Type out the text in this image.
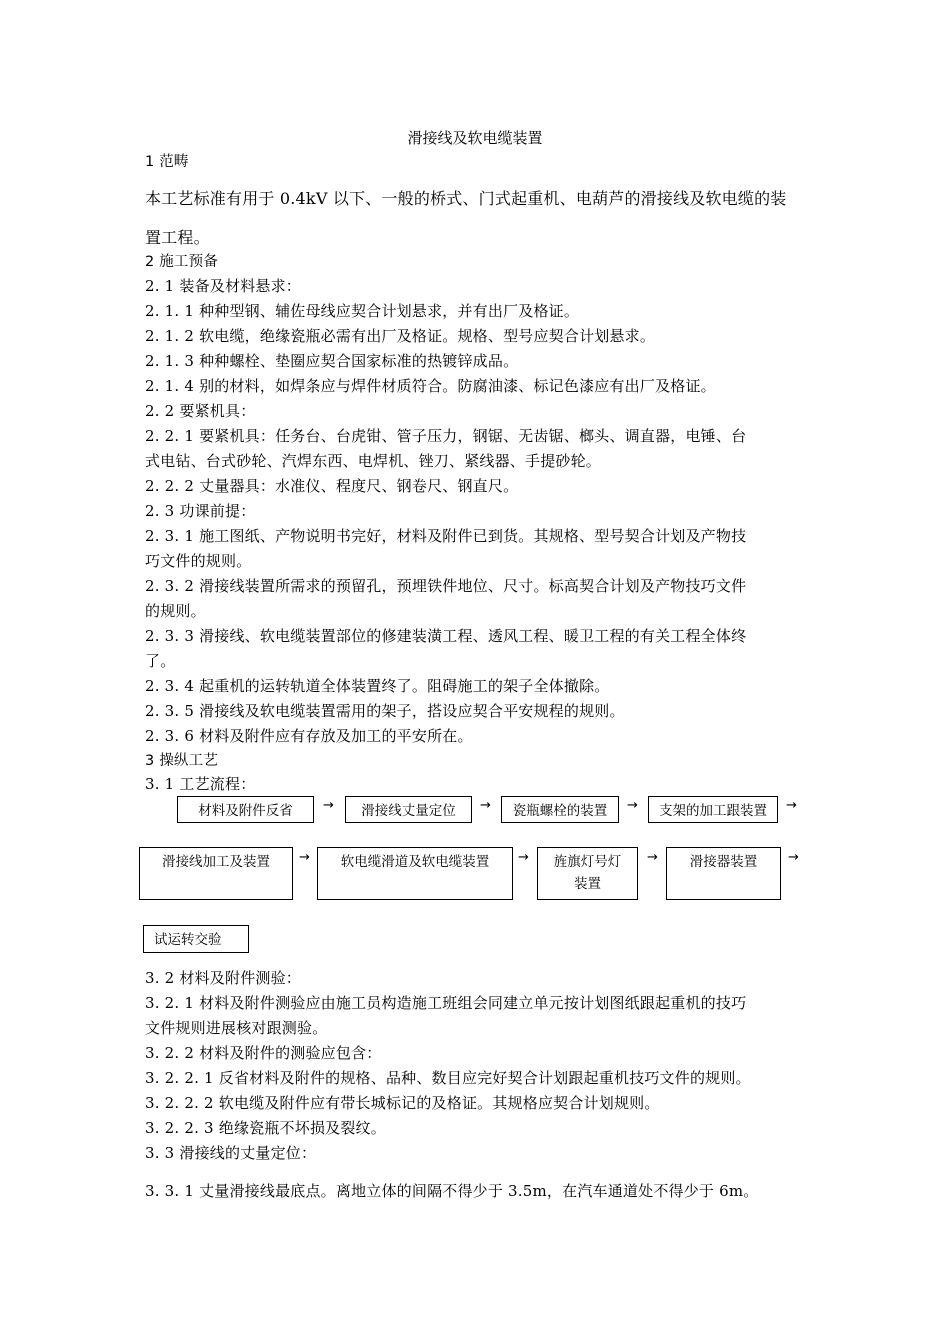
滑接线及软电缆装置
1 范畴
本工艺标准有用于 0.4kV 以下、一般的桥式、门式起重机、电葫芦的滑接线及软电缆的装
置工程。
2 施工预备
2. 1 装备及材料悬求：
2. 1. 1 种种型钢、辅佐母线应契合计划悬求，并有出厂及格证。
2. 1. 2 软电缆，绝缘瓷瓶必需有出厂及格证。规格、型号应契合计划悬求。
2. 1. 3 种种螺栓、垫圈应契合国家标准的热镀锌成品。
2. 1. 4 别的材料，如焊条应与焊件材质符合。防腐油漆、标记色漆应有出厂及格证。
2. 2 要紧机具：
2. 2. 1 要紧机具：任务台、台虎钳、管子压力，钢锯、无齿锯、榔头、调直器，电锤、台
式电钻、台式砂轮、汽焊东西、电焊机、锉刀、紧线器、手提砂轮。
2. 2. 2 丈量器具：水准仪、程度尺、钢卷尺、钢直尺。
2. 3 功课前提：
2. 3. 1 施工图纸、产物说明书完好，材料及附件已到货。其规格、型号契合计划及产物技
巧文件的规则。
2. 3. 2 滑接线装置所需求的预留孔，预埋铁件地位、尺寸。标高契合计划及产物技巧文件
的规则。
2. 3. 3 滑接线、软电缆装置部位的修建装潢工程、透风工程、暖卫工程的有关工程全体终
了。
2. 3. 4 起重机的运转轨道全体装置终了。阻碍施工的架子全体撤除。
2. 3. 5 滑接线及软电缆装置需用的架子，搭设应契合平安规程的规则。
2. 3. 6 材料及附件应有存放及加工的平安所在。
3 操纵工艺
3. 1 工艺流程：
材料及附件反省	→	滑接线丈量定位	→	瓷瓶螺栓的装置	→	支架的加工跟装置	→
滑接线加工及装置	→	软电缆滑道及软电缆装置	→	旌旗灯号灯装置
→	滑接器装置	→
试运转交验
3. 2 材料及附件测验：
3. 2. 1 材料及附件测验应由施工员构造施工班组会同建立单元按计划图纸跟起重机的技巧
文件规则进展核对跟测验。
3. 2. 2 材料及附件的测验应包含：
3. 2. 2. 1 反省材料及附件的规格、品种、数目应完好契合计划跟起重机技巧文件的规则。
3. 2. 2. 2 软电缆及附件应有带长城标记的及格证。其规格应契合计划规则。
3. 2. 2. 3 绝缘瓷瓶不坏损及裂纹。
3. 3 滑接线的丈量定位：
3. 3. 1 丈量滑接线最底点。离地立体的间隔不得少于 3.5m，在汽车通道处不得少于 6m。
